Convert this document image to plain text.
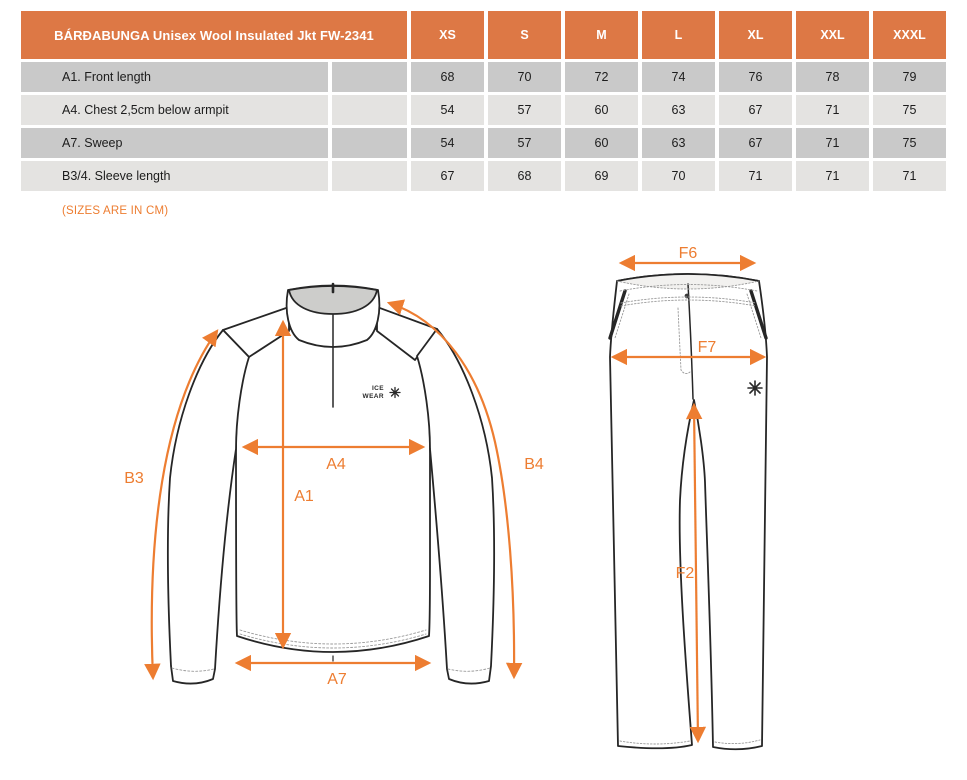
BÁRÐABUNGA Unisex Wool Insulated Jkt FW-2341	XS	S	M	L	XL	XXL	XXXL
A1. Front length	68	70	72	74	76	78	79
A4. Chest 2,5cm below armpit	54	57	60	63	67	71	75
A7. Sweep	54	57	60	63	67	71	75
B3/4. Sleeve length	67	68	69	70	71	71	71
(SIZES ARE IN CM)
ICE
WEAR
B3
A4
A1
B4
A7
F6
F7
F2
